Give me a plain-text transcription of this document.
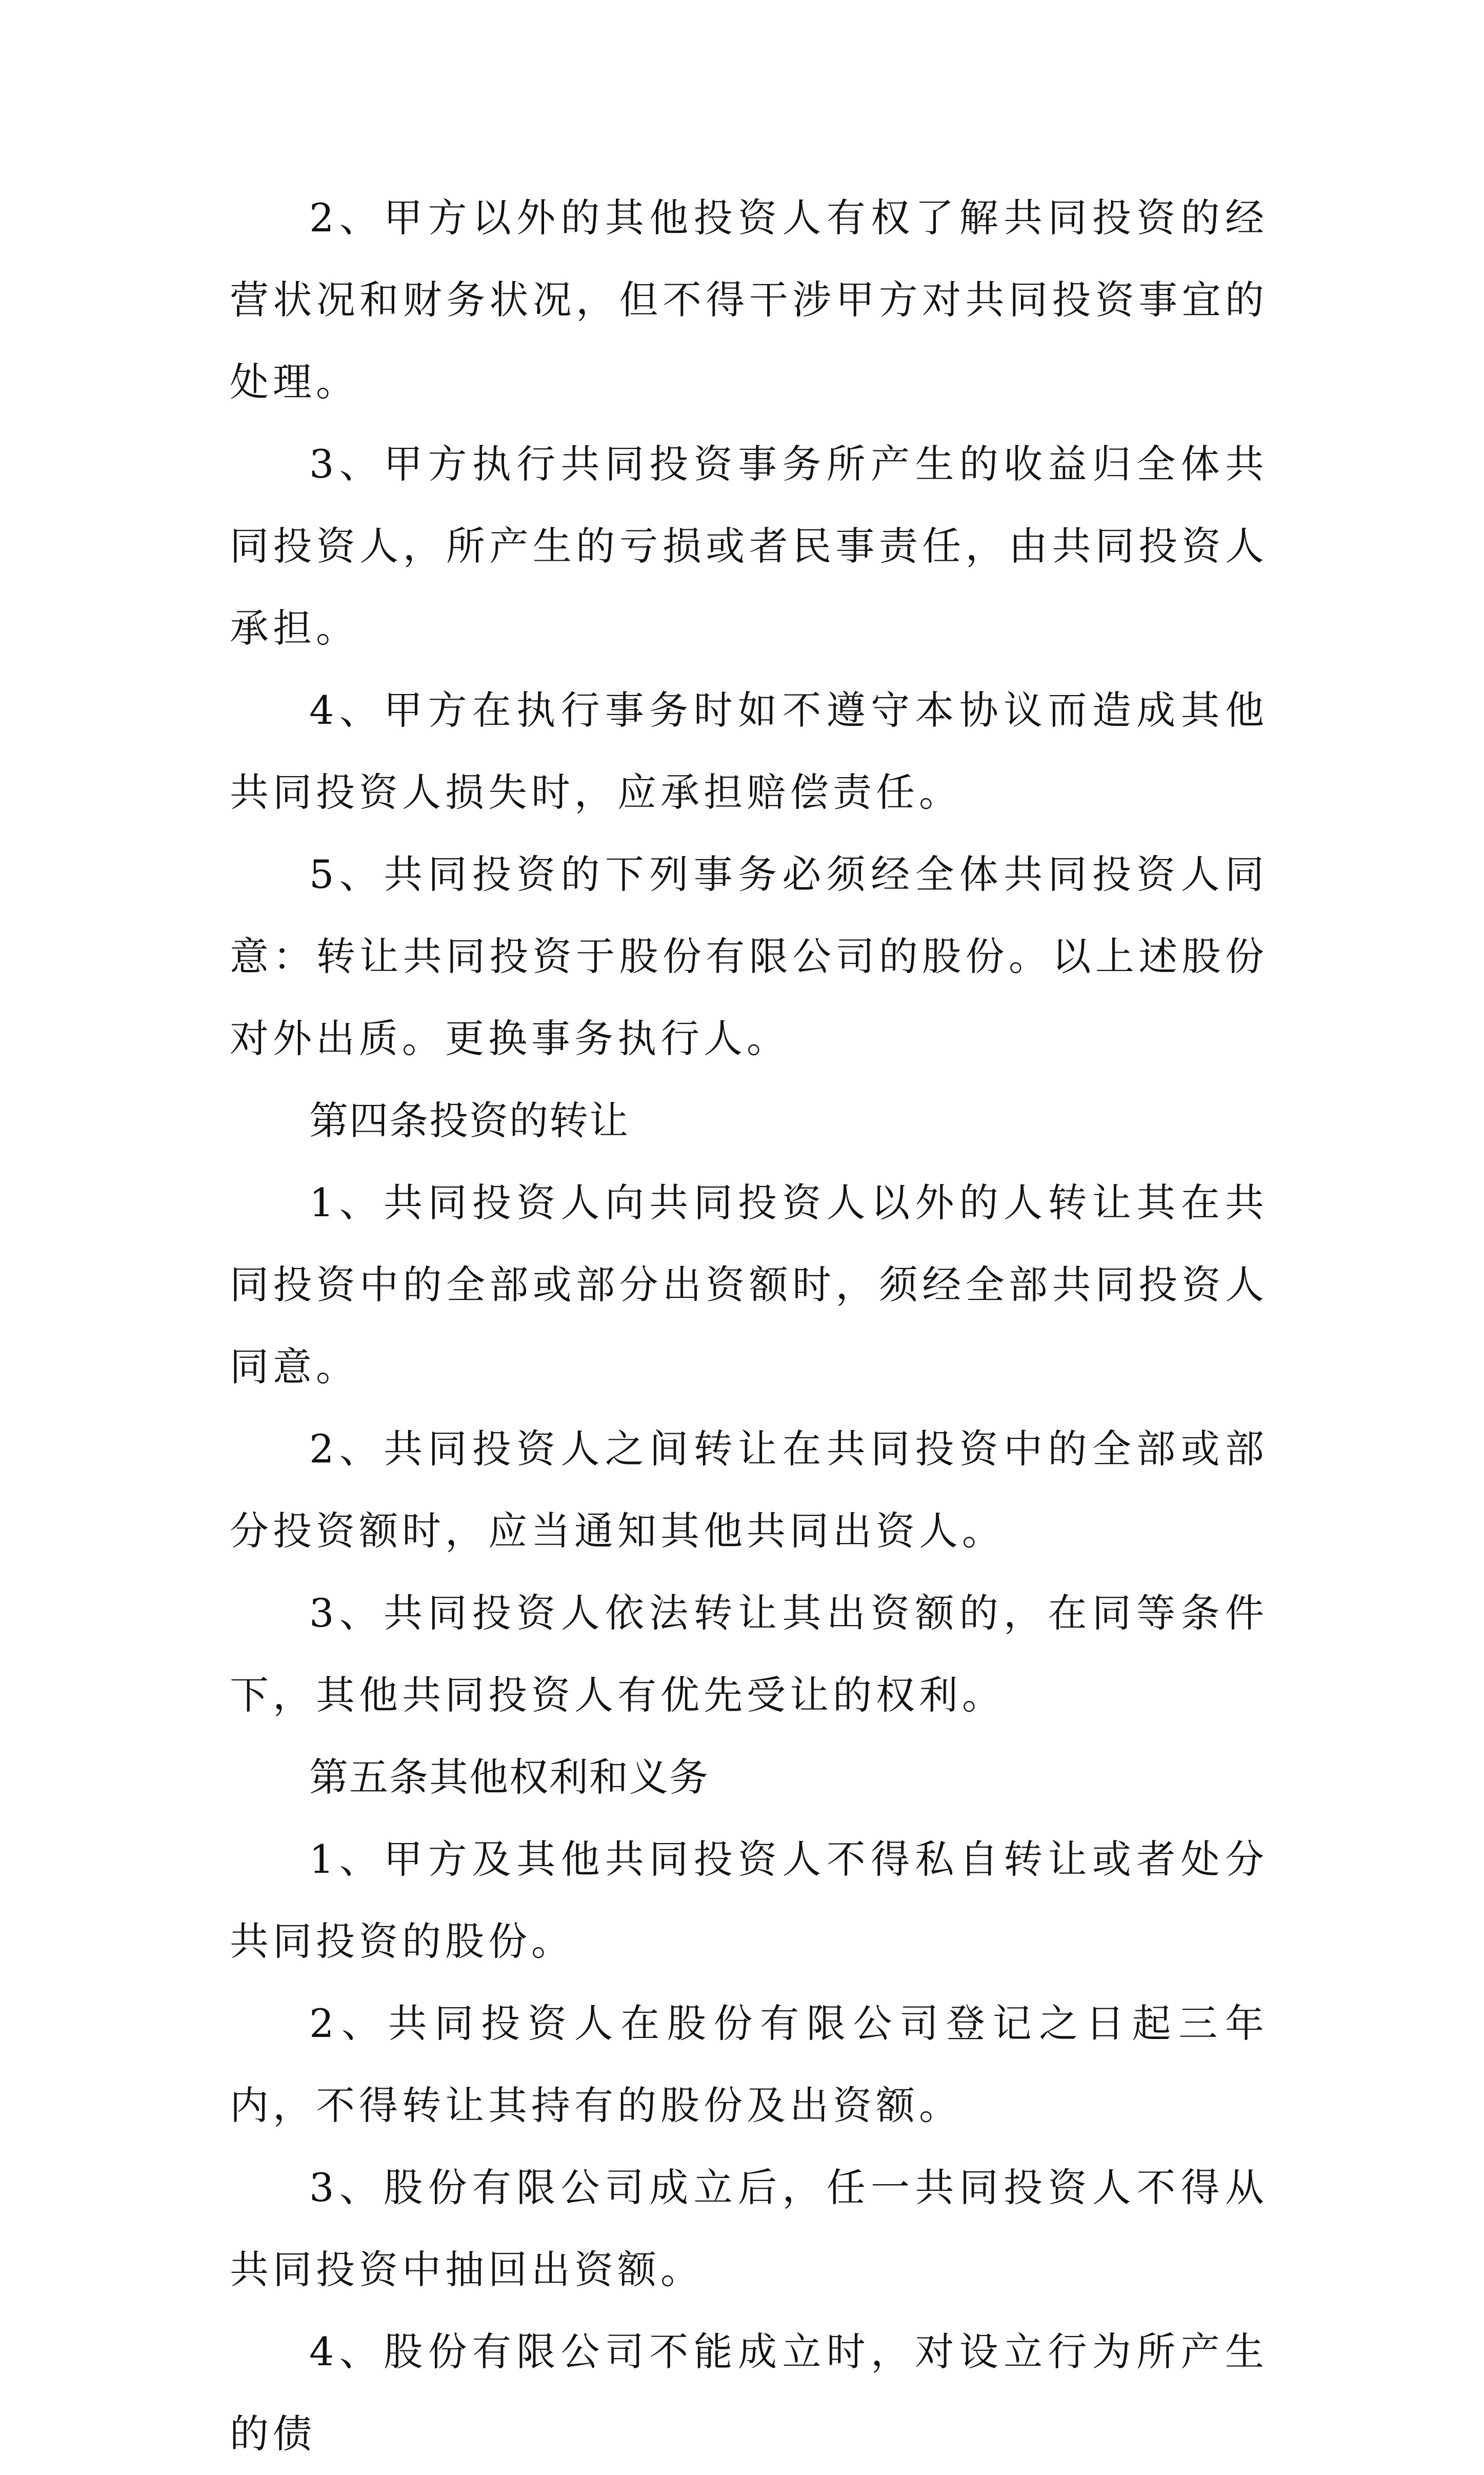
2、甲方以外的其他投资人有权了解共同投资的经营状况和财务状况，但不得干涉甲方对共同投资事宜的处理。

3、甲方执行共同投资事务所产生的收益归全体共同投资人，所产生的亏损或者民事责任，由共同投资人承担。

4、甲方在执行事务时如不遵守本协议而造成其他共同投资人损失时，应承担赔偿责任。

5、共同投资的下列事务必须经全体共同投资人同意：转让共同投资于股份有限公司的股份。以上述股份对外出质。更换事务执行人。

第四条投资的转让

1、共同投资人向共同投资人以外的人转让其在共同投资中的全部或部分出资额时，须经全部共同投资人同意。

2、共同投资人之间转让在共同投资中的全部或部分投资额时，应当通知其他共同出资人。

3、共同投资人依法转让其出资额的，在同等条件下，其他共同投资人有优先受让的权利。

第五条其他权利和义务

1、甲方及其他共同投资人不得私自转让或者处分共同投资的股份。

2、共同投资人在股份有限公司登记之日起三年内，不得转让其持有的股份及出资额。

3、股份有限公司成立后，任一共同投资人不得从共同投资中抽回出资额。

4、股份有限公司不能成立时，对设立行为所产生的债
